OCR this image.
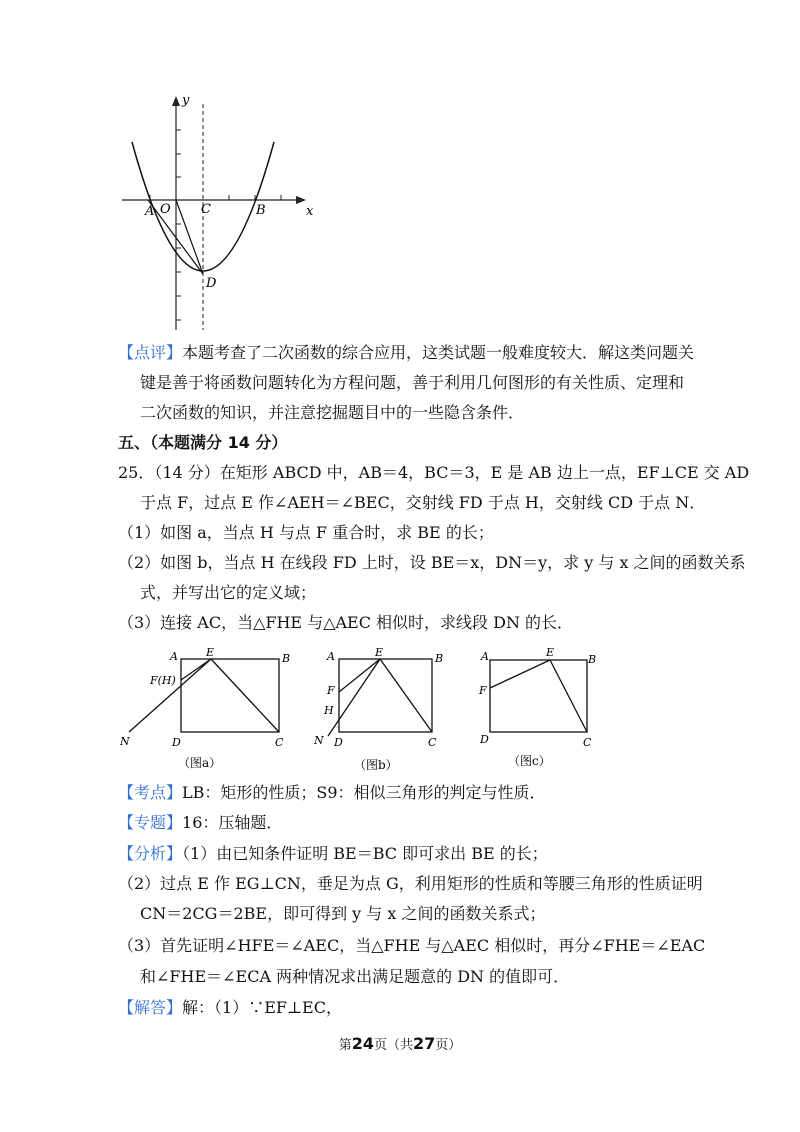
y
x
A O C	B
D
【点评】本题考查了二次函数的综合应用，这类试题一般难度较大．解这类问题关
键是善于将函数问题转化为方程问题，善于利用几何图形的有关性质、定理和
二次函数的知识，并注意挖掘题目中的一些隐含条件．
五、（本题满分 14 分）
25．（14 分）在矩形 ABCD 中，AB＝4，BC＝3，E 是 AB 边上一点，EF⊥CE 交 AD
于点 F，过点 E 作∠AEH＝∠BEC，交射线 FD 于点 H，交射线 CD 于点 N．
（1）如图 a，当点 H 与点 F 重合时，求 BE 的长；
（2）如图 b，当点 H 在线段 FD 上时，设 BE＝x，DN＝y，求 y 与 x 之间的函数关系
式，并写出它的定义域；
（3）连接 AC，当△FHE 与△AEC 相似时，求线段 DN 的长．
A	E	B
F(H)
N	D	C
（图a）
A	E	B
F
H
N D	C
（图b）
A	E
B
F
D	C
（图c）
【考点】LB：矩形的性质；S9：相似三角形的判定与性质．
【专题】16：压轴题．
【分析】（1）由已知条件证明 BE＝BC 即可求出 BE 的长；
（2）过点 E 作 EG⊥CN，垂足为点 G，利用矩形的性质和等腰三角形的性质证明
CN＝2CG＝2BE，即可得到 y 与 x 之间的函数关系式；
（3）首先证明∠HFE＝∠AEC，当△FHE 与△AEC 相似时，再分∠FHE＝∠EAC
和∠FHE＝∠ECA 两种情况求出满足题意的 DN 的值即可．
【解答】解：（1）∵EF⊥EC，
第24页（共27页）
